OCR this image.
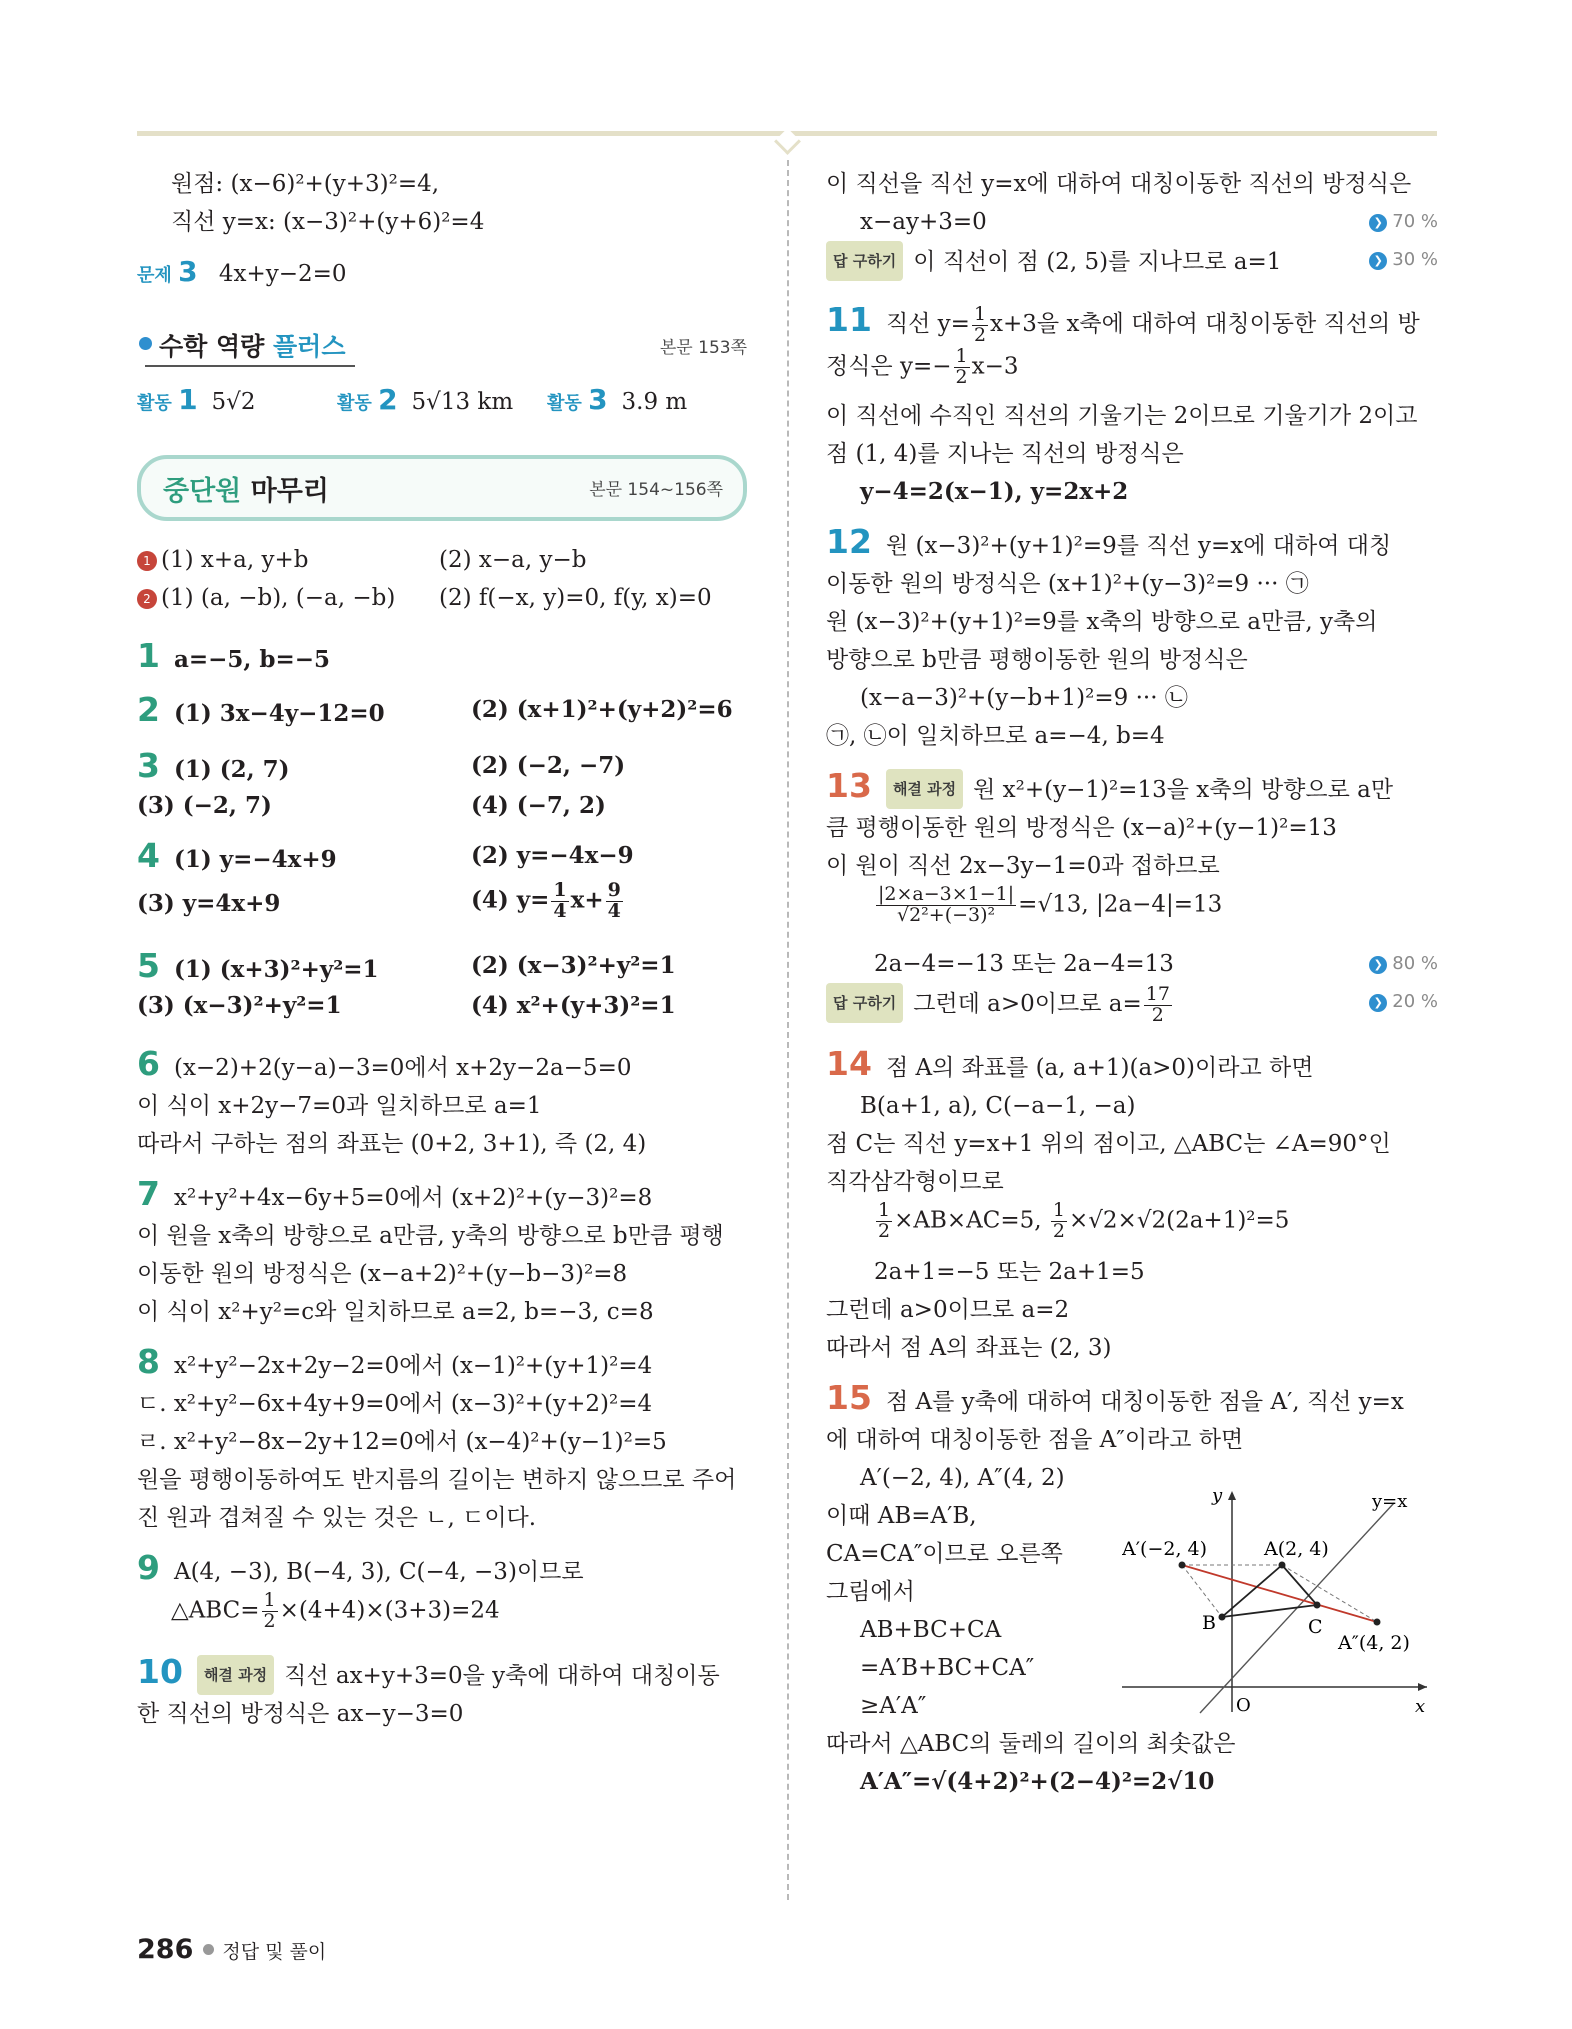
원점: (x−6)²+(y+3)²=4,
직선 y=x: (x−3)²+(y+6)²=4
문제 3 4x+y−2=0
수학 역량 플러스	본문 153쪽
활동 1 5√2	활동 2 5√13 km 활동 3 3.9 m
중단원 마무리	본문 154~156쪽
1 (1) x+a, y+b	(2) x−a, y−b
2 (1) (a, −b), (−a, −b) (2) f(−x, y)=0, f(y, x)=0
1 a=−5, b=−5
2 (1) 3x−4y−12=0	(2) (x+1)²+(y+2)²=6
3 (1) (2, 7)	(2) (−2, −7)
(3) (−2, 7)	(4) (−7, 2)
4 (1) y=−4x+9	(2) y=−4x−9
(3) y=4x+9	(4) $y= \frac{1}{4} x+ \frac{9}{4}$
5 (1) (x+3)²+y²=1	(2) (x−3)²+y²=1
(3) (x−3)²+y²=1	(4) x²+(y+3)²=1
6 (x−2)+2(y−a)−3=0에서 x+2y−2a−5=0
이 식이 x+2y−7=0과 일치하므로 a=1
따라서 구하는 점의 좌표는 (0+2, 3+1), 즉 (2, 4)
7 x²+y²+4x−6y+5=0에서 (x+2)²+(y−3)²=8
이 원을 x축의 방향으로 a만큼, y축의 방향으로 b만큼 평행
이동한 원의 방정식은 (x−a+2)²+(y−b−3)²=8
이 식이 x²+y²=c와 일치하므로 a=2, b=−3, c=8
8 x²+y²−2x+2y−2=0에서 (x−1)²+(y+1)²=4
ㄷ. x²+y²−6x+4y+9=0에서 (x−3)²+(y+2)²=4
ㄹ. x²+y²−8x−2y+12=0에서 (x−4)²+(y−1)²=5
원을 평행이동하여도 반지름의 길이는 변하지 않으므로 주어
진 원과 겹쳐질 수 있는 것은 ㄴ, ㄷ이다.
9 A(4, −3), B(−4, 3), C(−4, −3)이므로
△ABC= $\frac{1}{2} \times(4+4)\times(3+3)=24$
10 해결 과정 직선 ax+y+3=0을 y축에 대하여 대칭이동
한 직선의 방정식은 ax−y−3=0
이 직선을 직선 y=x에 대하여 대칭이동한 직선의 방정식은
x−ay+3=0	❯ 70 %
답 구하기 이 직선이 점 (2, 5)를 지나므로 a=1	❯ 30 %
11 직선 $y= \frac{1}{2} x+3$을 x축에 대하여 대칭이동한 직선의 방
정식은 $y=- \frac{1}{2} x-3$
이 직선에 수직인 직선의 기울기는 2이므로 기울기가 2이고
점 (1, 4)를 지나는 직선의 방정식은
y−4=2(x−1), y=2x+2
12 원 (x−3)²+(y+1)²=9를 직선 y=x에 대하여 대칭
이동한 원의 방정식은 (x+1)²+(y−3)²=9 ··· ㉠
원 (x−3)²+(y+1)²=9를 x축의 방향으로 a만큼, y축의
방향으로 b만큼 평행이동한 원의 방정식은
(x−a−3)²+(y−b+1)²=9 ··· ㉡
㉠, ㉡이 일치하므로 a=−4, b=4
13 해결 과정 원 x²+(y−1)²=13을 x축의 방향으로 a만
큼 평행이동한 원의 방정식은 (x−a)²+(y−1)²=13
이 원이 직선 2x−3y−1=0과 접하므로
$\frac{|2\times a-3\times 1-1|}{\text{√2²+(−3)²}} =√13$, |2a−4|=13
2a−4=−13 또는 2a−4=13	❯ 80 %
답 구하기 그런데 a>0이므로 $a= \frac{17}{2}$	❯ 20 %
14 점 A의 좌표를 (a, a+1)(a>0)이라고 하면
B(a+1, a), C(−a−1, −a)
점 C는 직선 y=x+1 위의 점이고, △ABC는 ∠A=90°인
직각삼각형이므로
$\frac{1}{2} \times AB\times AC=5$, $\frac{1}{2} \times√2\times√2(2a+1)^2=5$
2a+1=−5 또는 2a+1=5
그런데 a>0이므로 a=2
따라서 점 A의 좌표는 (2, 3)
15 점 A를 y축에 대하여 대칭이동한 점을 A′, 직선 y=x
에 대하여 대칭이동한 점을 A″이라고 하면
A′(−2, 4), A″(4, 2)
이때 AB=A′B,
CA=CA″이므로 오른쪽
그림에서
AB+BC+CA
=A′B+BC+CA″
≥A′A″
따라서 △ABC의 둘레의 길이의 최솟값은
A′A″=√(4+2)²+(2−4)²=2√10
y
x
O
y=x
A′(−2, 4)	A(2, 4)
B	C
A″(4, 2)
286 정답 및 풀이
